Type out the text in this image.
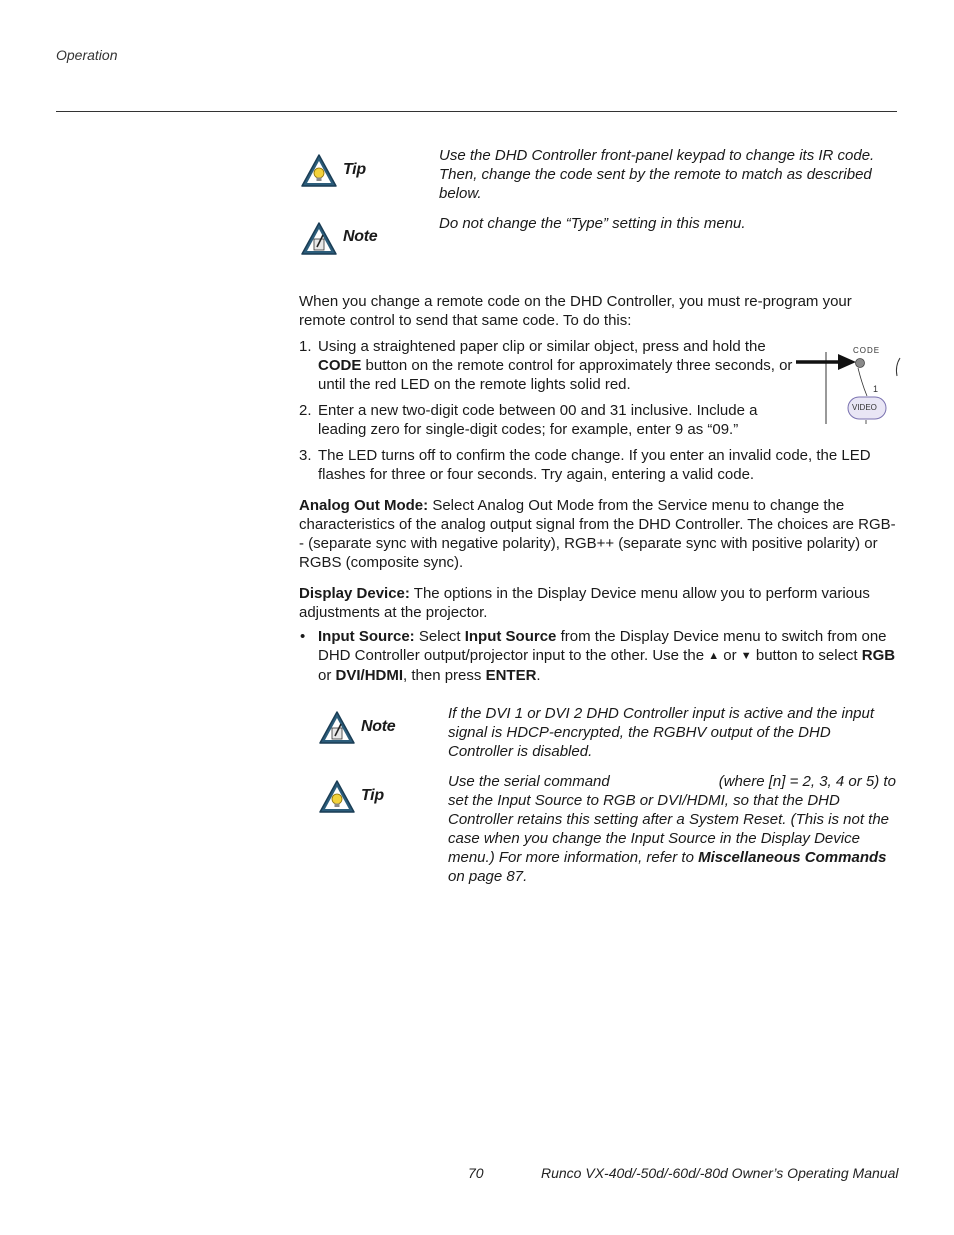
Operation
Tip
Use the DHD Controller front-panel keypad to change its IR code. Then, change the code sent by the remote to match as described below.
Note
Do not change the “Type” setting in this menu.
When you change a remote code on the DHD Controller, you must re-program your remote control to send that same code. To do this:
1. Using a straightened paper clip or similar object, press and hold the CODE button on the remote control for approximately three seconds, or until the red LED on the remote lights solid red.
2. Enter a new two-digit code between 00 and 31 inclusive. Include a leading zero for single-digit codes; for example, enter 9 as “09.”
3. The LED turns off to confirm the code change. If you enter an invalid code, the LED flashes for three or four seconds. Try again, entering a valid code.
CODE
1
VIDEO
Analog Out Mode: Select Analog Out Mode from the Service menu to change the characteristics of the analog output signal from the DHD Controller. The choices are RGB-- (separate sync with negative polarity), RGB++ (separate sync with positive polarity) or RGBS (composite sync).
Display Device: The options in the Display Device menu allow you to perform various adjustments at the projector.
• Input Source: Select Input Source from the Display Device menu to switch from one DHD Controller output/projector input to the other. Use the ▲ or ▼ button to select RGB or DVI/HDMI, then press ENTER.
Note
If the DVI 1 or DVI 2 DHD Controller input is active and the input signal is HDCP-encrypted, the RGBHV output of the DHD Controller is disabled.
Tip
Use the serial command	(where [n] = 2, 3, 4 or 5) to set the Input Source to RGB or DVI/HDMI, so that the DHD Controller retains this setting after a System Reset. (This is not the case when you change the Input Source in the Display Device menu.) For more information, refer to Miscellaneous Commands on page 87.
70	Runco VX-40d/-50d/-60d/-80d Owner’s Operating Manual
